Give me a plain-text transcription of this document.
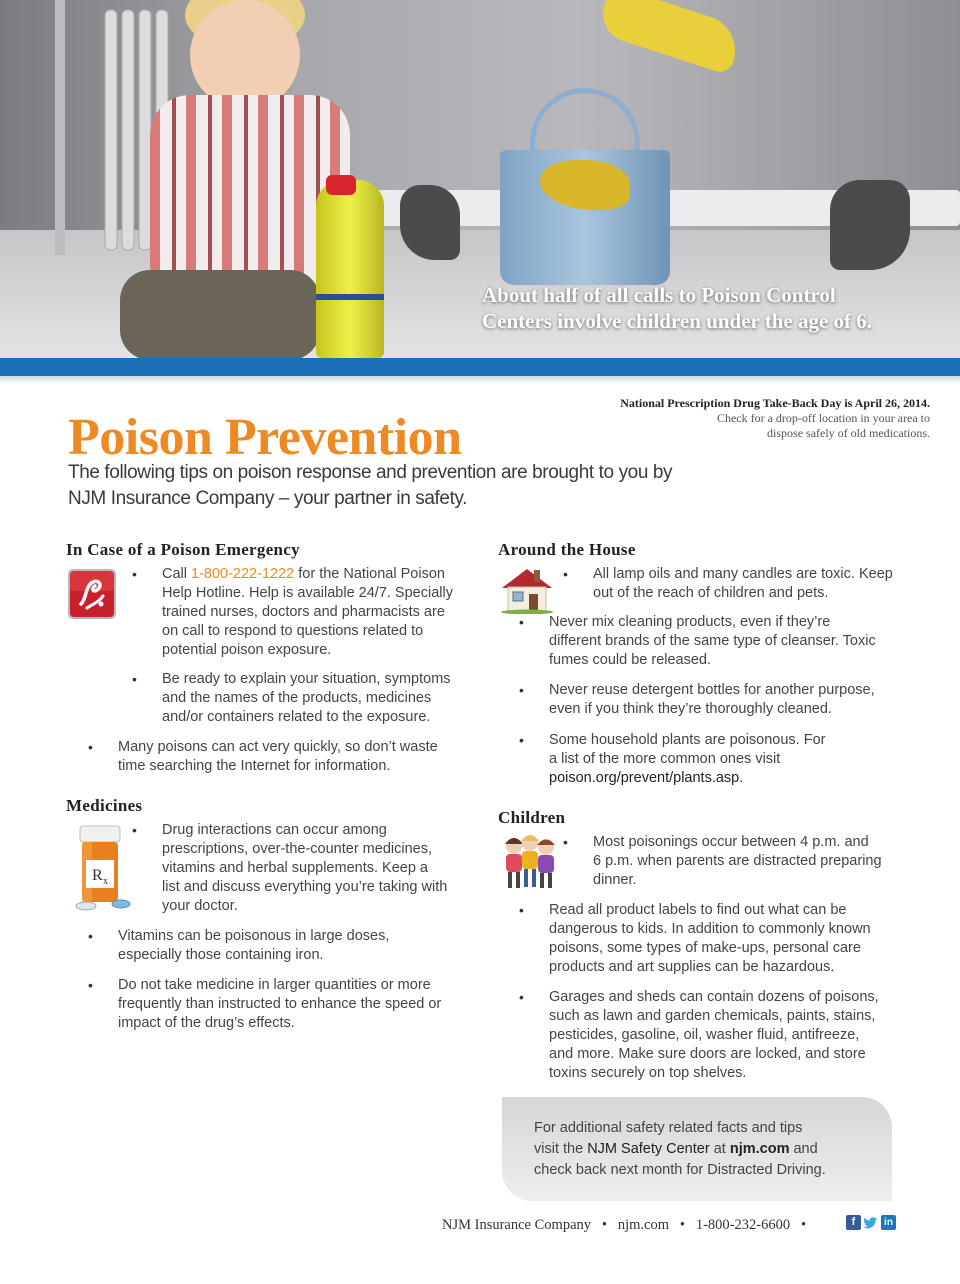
About half of all calls to Poison Control
Centers involve children under the age of 6.
National Prescription Drug Take-Back Day is April 26, 2014.
Check for a drop-off location in your area to
dispose safely of old medications.
Poison Prevention
The following tips on poison response and prevention are brought to you by
NJM Insurance Company – your partner in safety.
In Case of a Poison Emergency
• Call 1-800-222-1222 for the National Poison
Help Hotline. Help is available 24/7. Specially
trained nurses, doctors and pharmacists are
on call to respond to questions related to
potential poison exposure.
• Be ready to explain your situation, symptoms
and the names of the products, medicines
and/or containers related to the exposure.
• Many poisons can act very quickly, so don’t waste
time searching the Internet for information.
Medicines
R x
• Drug interactions can occur among
prescriptions, over-the-counter medicines,
vitamins and herbal supplements. Keep a
list and discuss everything you’re taking with
your doctor.
• Vitamins can be poisonous in large doses,
especially those containing iron.
• Do not take medicine in larger quantities or more
frequently than instructed to enhance the speed or
impact of the drug’s effects.
Around the House
• All lamp oils and many candles are toxic. Keep
out of the reach of children and pets.
• Never mix cleaning products, even if they’re
different brands of the same type of cleanser. Toxic
fumes could be released.
• Never reuse detergent bottles for another purpose,
even if you think they’re thoroughly cleaned.
• Some household plants are poisonous. For
a list of the more common ones visit
poison.org/prevent/plants.asp.
Children
• Most poisonings occur between 4 p.m. and
6 p.m. when parents are distracted preparing
dinner.
• Read all product labels to find out what can be
dangerous to kids. In addition to commonly known
poisons, some types of make-ups, personal care
products and art supplies can be hazardous.
• Garages and sheds can contain dozens of poisons,
such as lawn and garden chemicals, paints, stains,
pesticides, gasoline, oil, washer fluid, antifreeze,
and more. Make sure doors are locked, and store
toxins securely on top shelves.
For additional safety related facts and tips
visit the NJM Safety Center at njm.com and
check back next month for Distracted Driving.
NJM Insurance Company • njm.com • 1-800-232-6600 •	f	in
